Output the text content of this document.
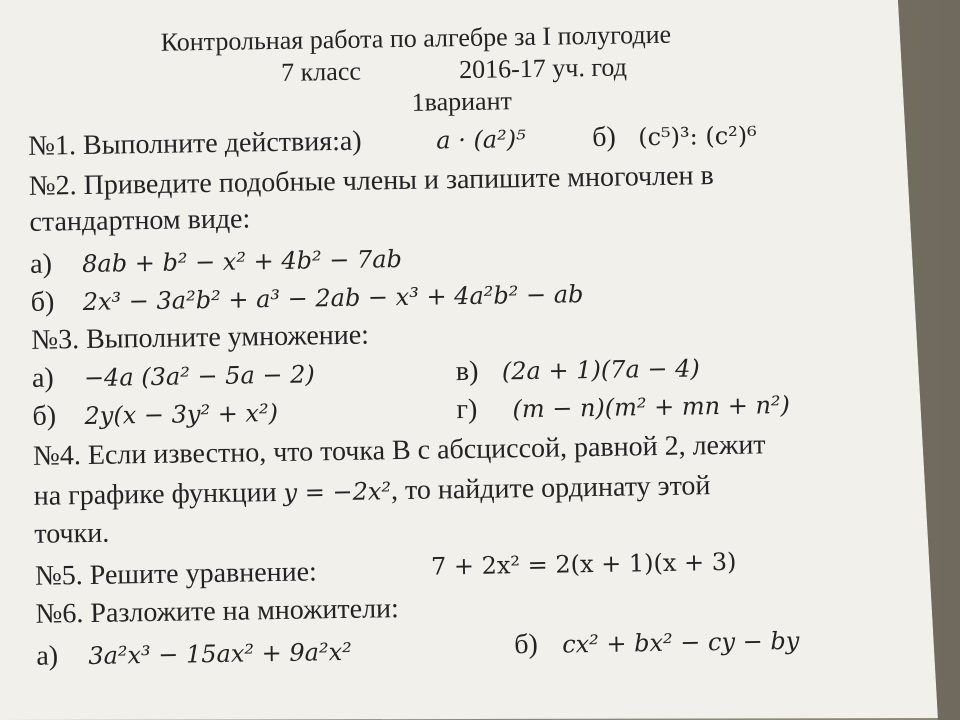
Контрольная работа по алгебре за I полугодие
7 класс	2016-17 уч. год
1вариант
№1. Выполните действия:а)	a · (a²)⁵ б) (c⁵)³: (c²)⁶
№2. Приведите подобные члены и запишите многочлен в
стандартном виде:
а) 8ab + b² − x² + 4b² − 7ab
б) 2x³ − 3a²b² + a³ − 2ab − x³ + 4a²b² − ab
№3. Выполните умножение:
а) −4a (3a² − 5a − 2)	в) (2a + 1)(7a − 4)
б) 2y(x − 3y² + x²)	г) (m − n)(m² + mn + n²)
№4. Если известно, что точка В с абсциссой, равной 2, лежит
на графике функции y = −2x², то найдите ординату этой
точки.
№5. Решите уравнение:	7 + 2x² = 2(x + 1)(x + 3)
№6. Разложите на множители:
а) 3a²x³ − 15ax² + 9a²x²	б) cx² + bx² − cy − by
